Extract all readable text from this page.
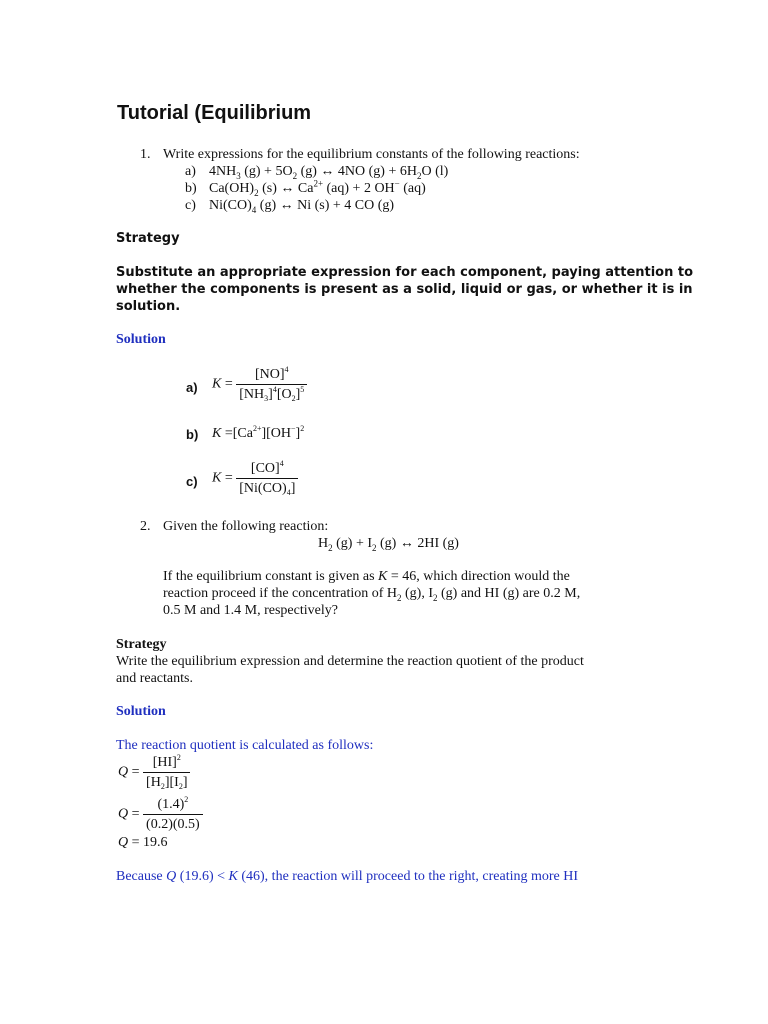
Tutorial (Equilibrium
1. Write expressions for the equilibrium constants of the following reactions:
a) $4NH_3$ $(g) + 5O_2$ (g) ↔ 4NO $(g) + 6H_2O$ (l)
b) $Ca(OH)_2$ (s) ↔ $Ca^{2+}$ (aq) + 2 OH− (aq)
c) $Ni(CO)_4$ (g) ↔ Ni (s) + 4 CO (g)
Strategy
Substitute an appropriate expression for each component, paying attention to
whether the components is present as a solid, liquid or gas, or whether it is in
solution.
Solution
a) $K = \frac{[NO]^4}{[NH_3]^4[O_2]^5}$
b) $K =[Ca^{2+}][OH^-]^2$
c) $K = \frac{[CO]^4}{[Ni(CO)_4]}$
2. Given the following reaction:
$H_2$ $(g) + I_2$ (g) ↔ 2HI (g)
If the equilibrium constant is given as K = 46, which direction would the
reaction proceed if the concentration of $H_2$ (g), $I_2$ (g) and HI (g) are 0.2 M,
0.5 M and 1.4 M, respectively?
Strategy
Write the equilibrium expression and determine the reaction quotient of the product
and reactants.
Solution
The reaction quotient is calculated as follows:
$Q = \frac{[HI]^2}{[H_2][I_2]}$
$Q = \frac{(1.4)^2}{(0.2)(0.5)}$
Q = 19.6
Because Q (19.6) < K (46), the reaction will proceed to the right, creating more HI
